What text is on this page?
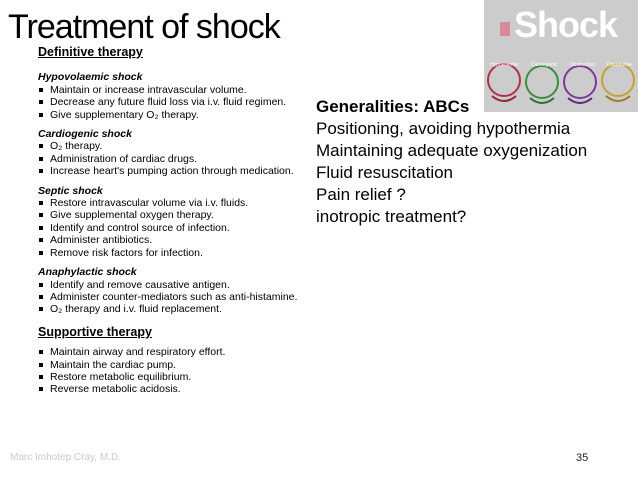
Treatment of shock	Shock
Hypovolemic Cardiogenic Obstructive Distributive
Definitive therapy
Hypovolaemic shock
Maintain or increase intravascular volume.
Decrease any future fluid loss via i.v. fluid regimen.
Give supplementary O₂ therapy.
Cardiogenic shock
O₂ therapy.
Administration of cardiac drugs.
Increase heart's pumping action through medication.
Septic shock
Restore intravascular volume via i.v. fluids.
Give supplemental oxygen therapy.
Identify and control source of infection.
Administer antibiotics.
Remove risk factors for infection.
Anaphylactic shock
Identify and remove causative antigen.
Administer counter-mediators such as anti-histamine.
O₂ therapy and i.v. fluid replacement.
Supportive therapy
Maintain airway and respiratory effort.
Maintain the cardiac pump.
Restore metabolic equilibrium.
Reverse metabolic acidosis.
Generalities: ABCs
Positioning, avoiding hypothermia
Maintaining adequate oxygenization
Fluid resuscitation
Pain relief ?
inotropic treatment?
Marc Imhotep Cray, M.D.	35
